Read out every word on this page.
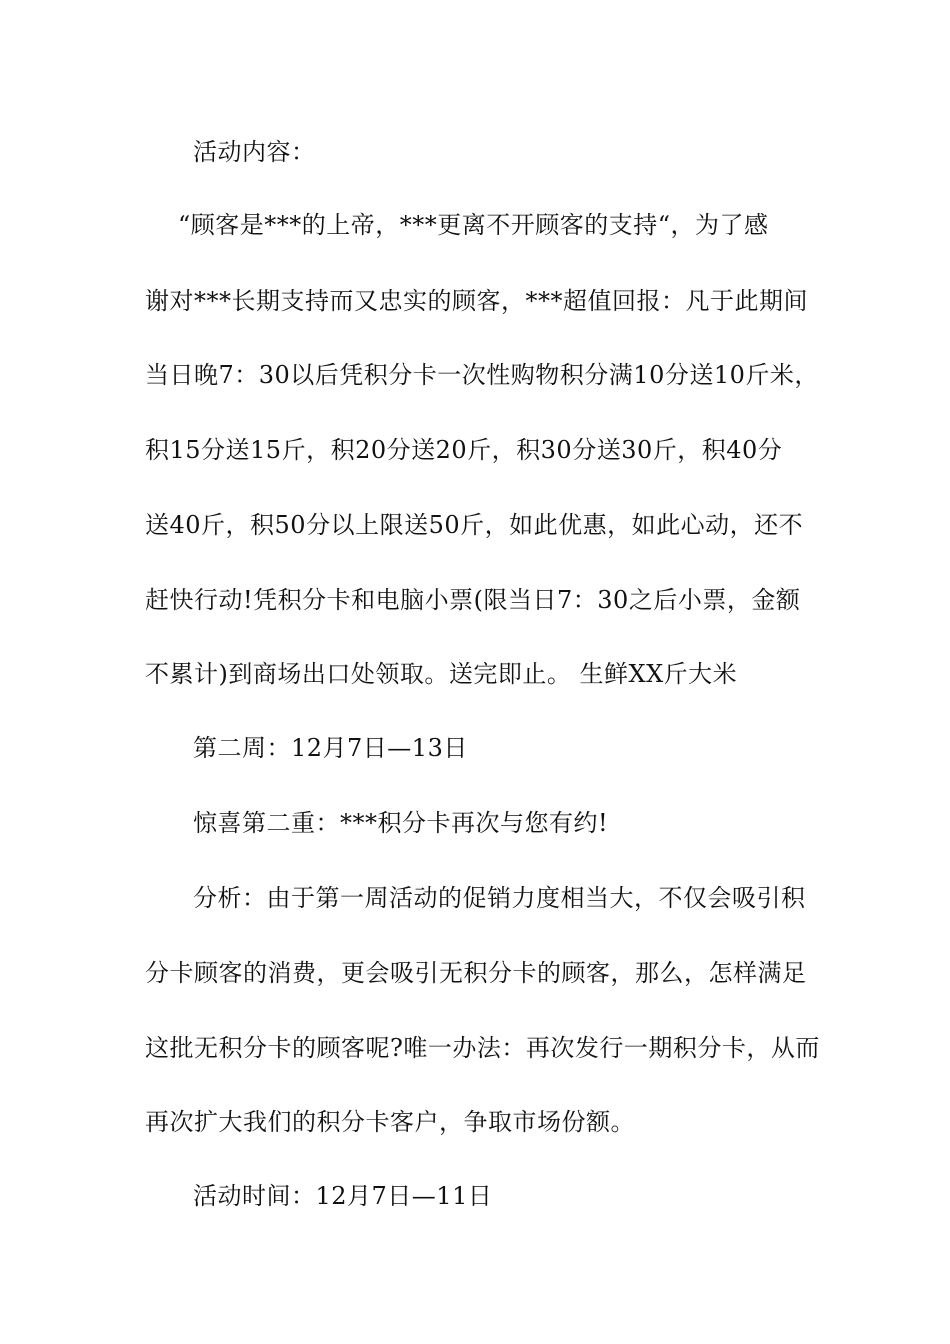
活动内容：
“顾客是***的上帝，***更离不开顾客的支持“，为了感
谢对***长期支持而又忠实的顾客，***超值回报：凡于此期间
当日晚7：30以后凭积分卡一次性购物积分满10分送10斤米，
积15分送15斤，积20分送20斤，积30分送30斤，积40分
送40斤，积50分以上限送50斤，如此优惠，如此心动，还不
赶快行动!凭积分卡和电脑小票(限当日7：30之后小票，金额
不累计)到商场出口处领取。送完即止。 生鲜XX斤大米
第二周：12月7日—13日
惊喜第二重：***积分卡再次与您有约!
分析：由于第一周活动的促销力度相当大，不仅会吸引积
分卡顾客的消费，更会吸引无积分卡的顾客，那么，怎样满足
这批无积分卡的顾客呢?唯一办法：再次发行一期积分卡，从而
再次扩大我们的积分卡客户，争取市场份额。
活动时间：12月7日—11日
